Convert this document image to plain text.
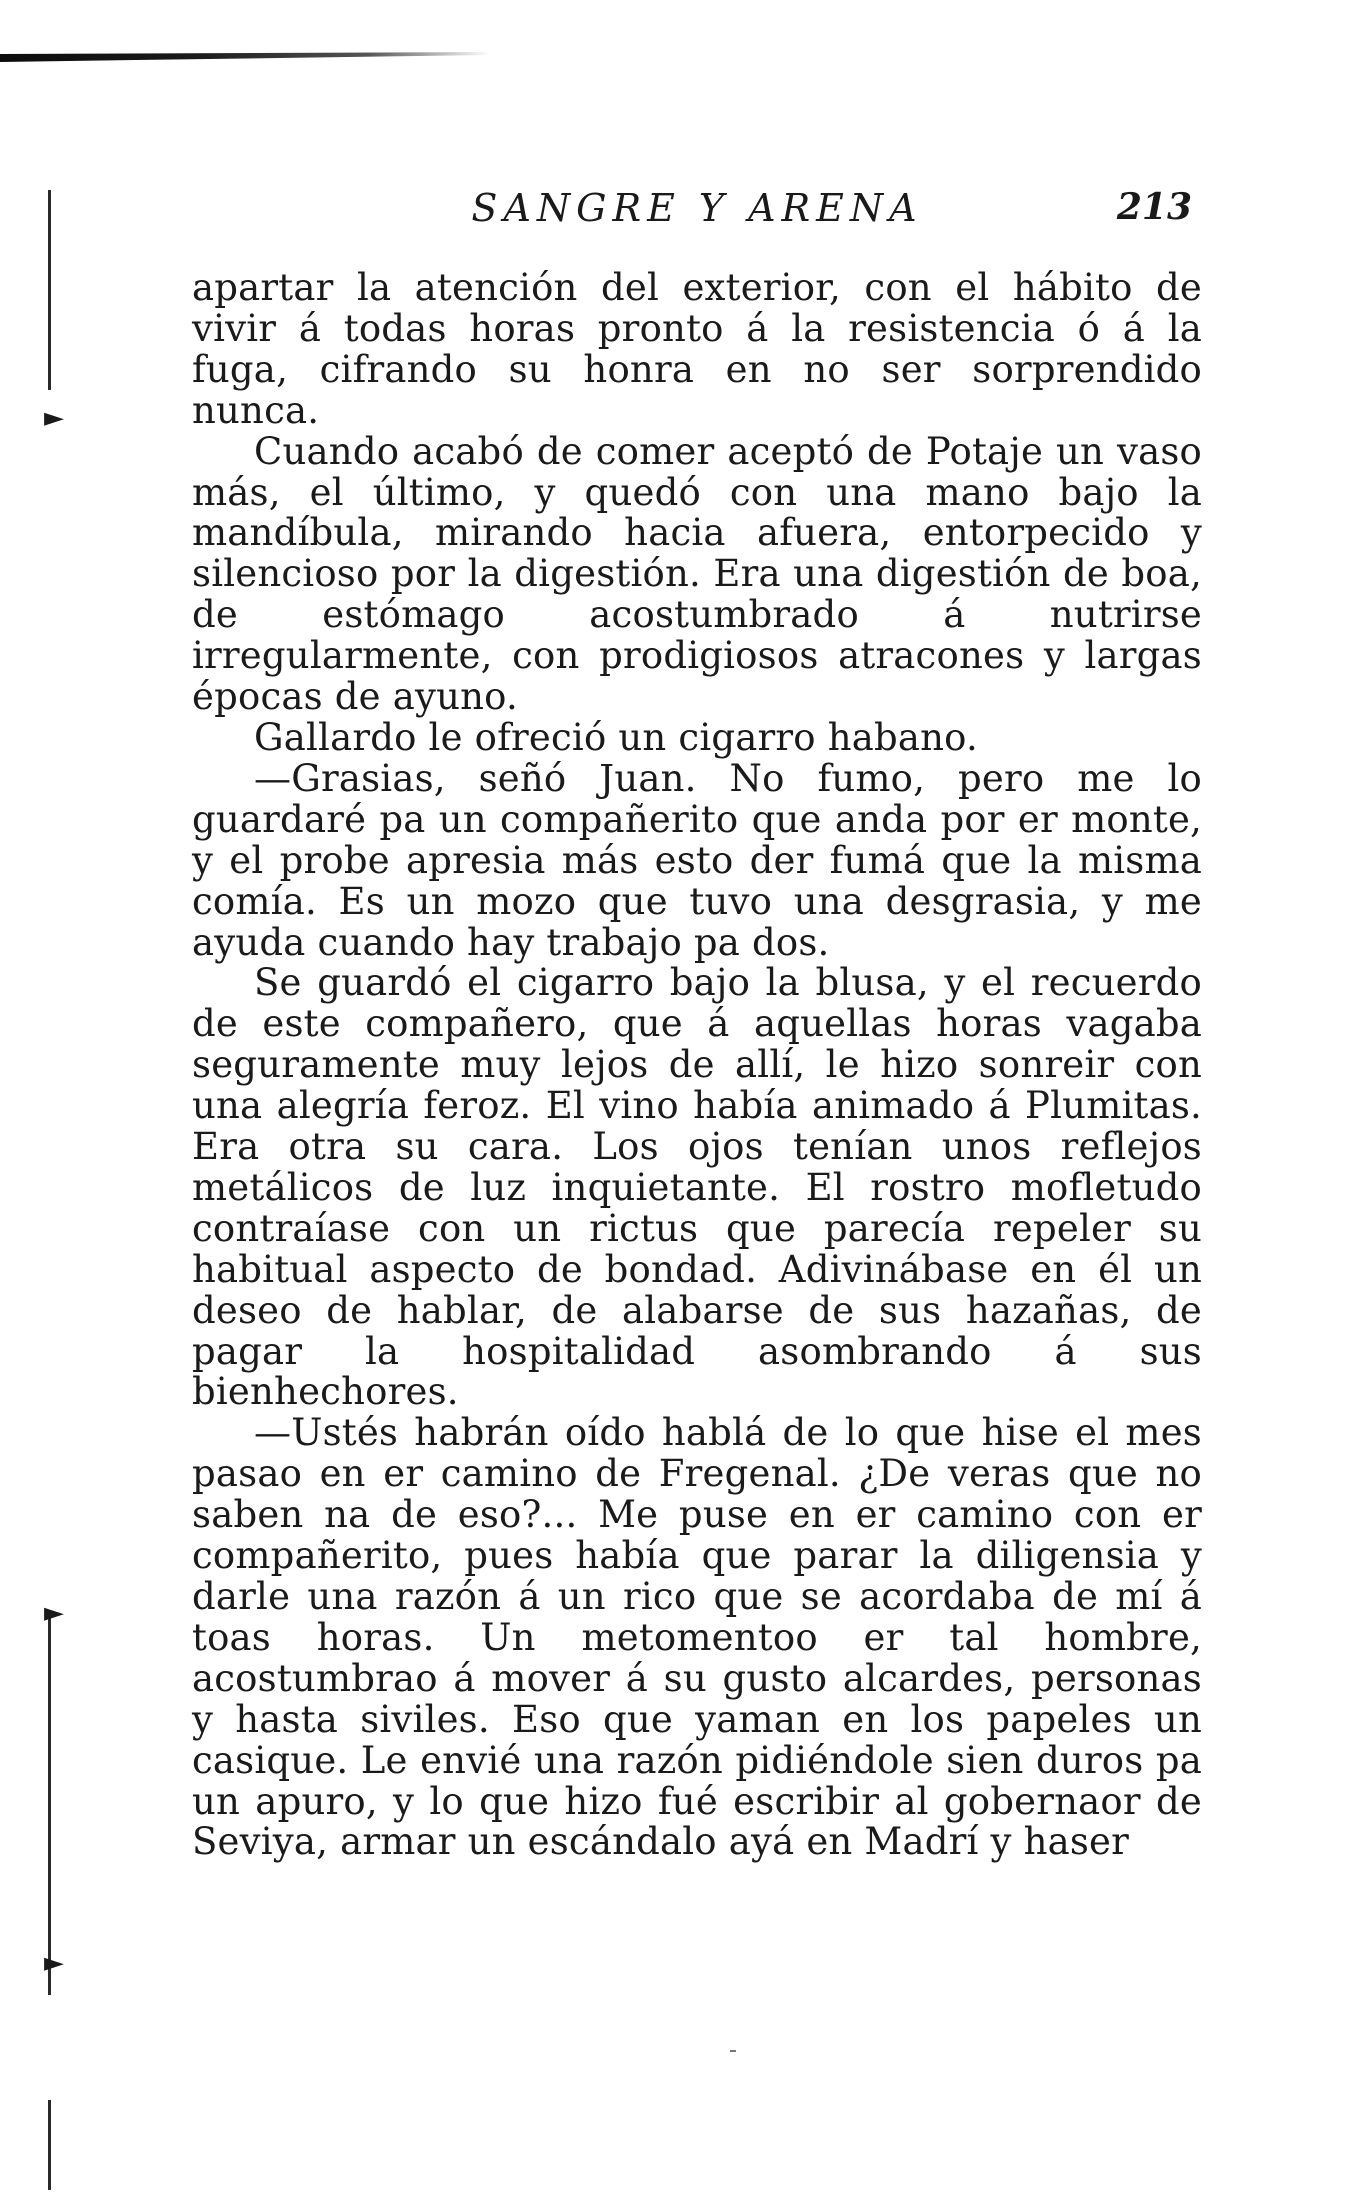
►
►
►
SANGRE Y ARENA	213

apartar la atención del exterior, con el hábito de vivir á todas horas pronto á la resistencia ó á la fuga, cifrando su honra en no ser sorprendido nunca.

Cuando acabó de comer aceptó de Potaje un vaso más, el último, y quedó con una mano bajo la mandíbula, mirando hacia afuera, entorpecido y silencioso por la digestión. Era una digestión de boa, de estómago acostumbrado á nutrirse irregularmente, con prodigiosos atracones y largas épocas de ayuno.

Gallardo le ofreció un cigarro habano.

—Grasias, señó Juan. No fumo, pero me lo guardaré pa un compañerito que anda por er monte, y el probe apresia más esto der fumá que la misma comía. Es un mozo que tuvo una desgrasia, y me ayuda cuando hay trabajo pa dos.

Se guardó el cigarro bajo la blusa, y el recuerdo de este compañero, que á aquellas horas vagaba seguramente muy lejos de allí, le hizo sonreir con una alegría feroz. El vino había animado á Plumitas. Era otra su cara. Los ojos tenían unos reflejos metálicos de luz inquietante. El rostro mofletudo contraíase con un rictus que parecía repeler su habitual aspecto de bondad. Adivinábase en él un deseo de hablar, de alabarse de sus hazañas, de pagar la hospitalidad asombrando á sus bienhechores.

—Ustés habrán oído hablá de lo que hise el mes pasao en er camino de Fregenal. ¿De veras que no saben na de eso?... Me puse en er camino con er compañerito, pues había que parar la diligensia y darle una razón á un rico que se acordaba de mí á toas horas. Un metomentoo er tal hombre, acostumbrao á mover á su gusto alcardes, personas y hasta siviles. Eso que yaman en los papeles un casique. Le envié una razón pidiéndole sien duros pa un apuro, y lo que hizo fué escribir al gobernaor de Seviya, armar un escándalo ayá en Madrí y haser
